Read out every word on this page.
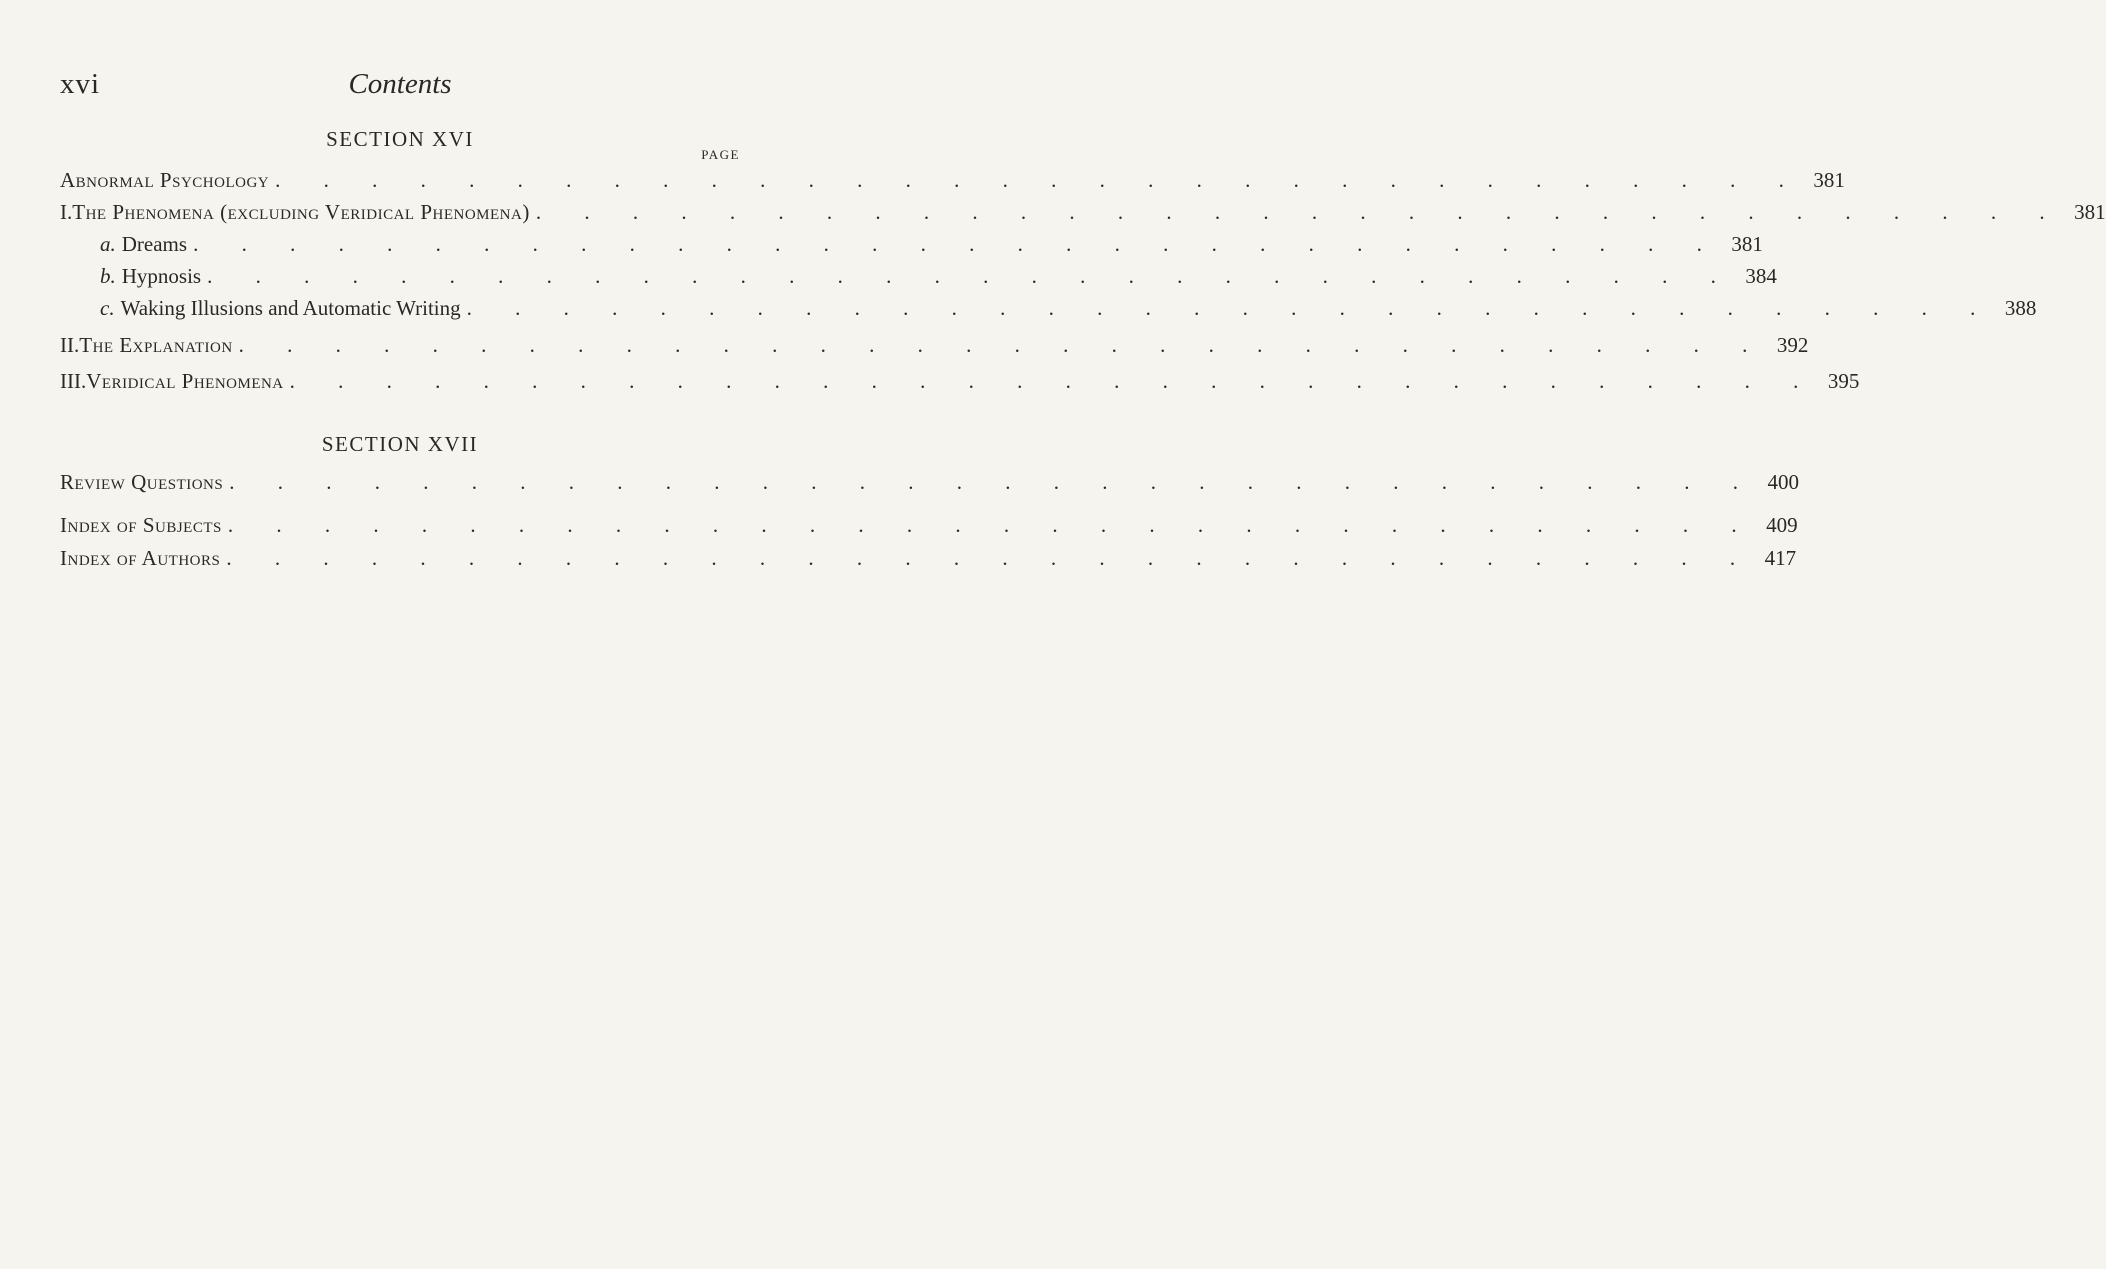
xvi	Contents
SECTION XVI
PAGE
Abnormal Psychology . . . . . . . . . . . . . . . . . . . . . . . . . . . . . . . . 381
I. The Phenomena (excluding Veridical Phenomena) . . . . . . . . . . . . . . . . . . . . . . . . . . . . . . . . 381
a. Dreams . . . . . . . . . . . . . . . . . . . . . . . . . . . . . . . . 381
b. Hypnosis . . . . . . . . . . . . . . . . . . . . . . . . . . . . . . . . 384
c. Waking Illusions and Automatic Writing . . . . . . . . . . . . . . . . . . . . . . . . . . . . . . . . 388
II. The Explanation . . . . . . . . . . . . . . . . . . . . . . . . . . . . . . . . 392
III. Veridical Phenomena . . . . . . . . . . . . . . . . . . . . . . . . . . . . . . . . 395
SECTION XVII
Review Questions . . . . . . . . . . . . . . . . . . . . . . . . . . . . . . . . 400
Index of Subjects . . . . . . . . . . . . . . . . . . . . . . . . . . . . . . . . 409
Index of Authors . . . . . . . . . . . . . . . . . . . . . . . . . . . . . . . . 417
